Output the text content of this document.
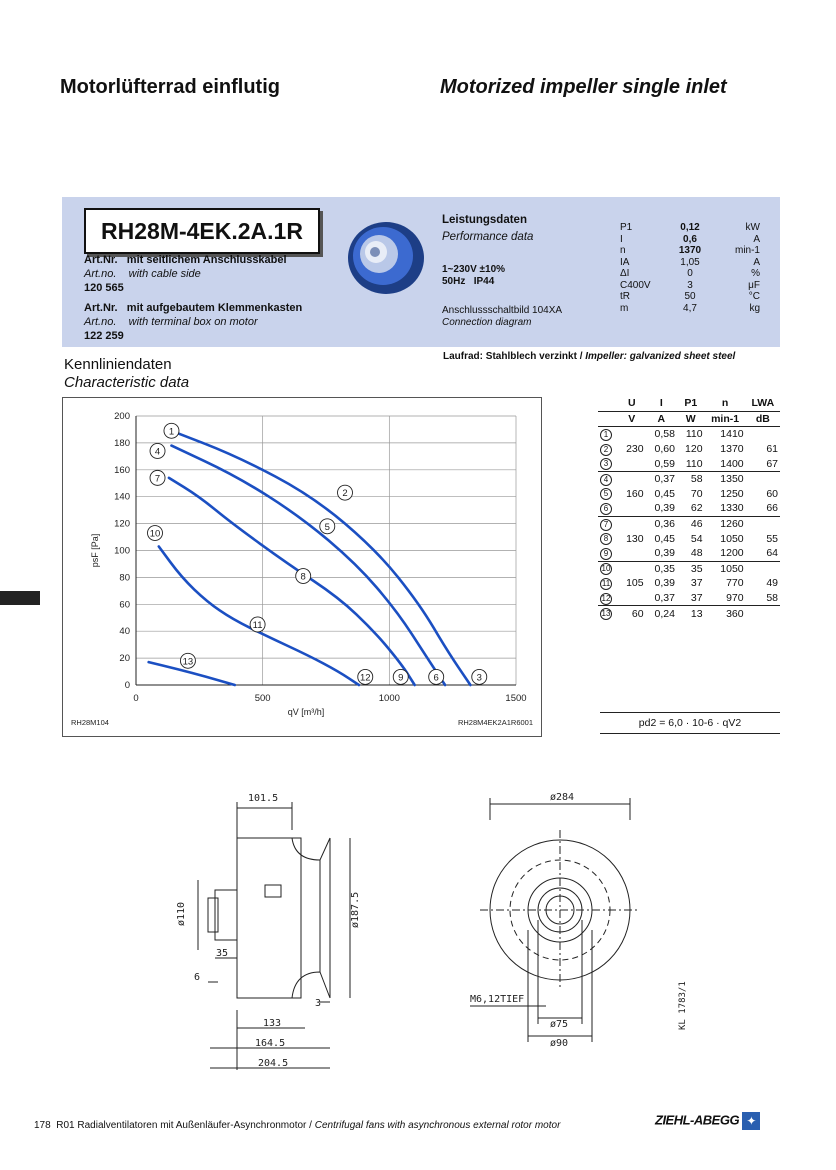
Motorlüfterrad einflutig	Motorized impeller single inlet
RH28M-4EK.2A.1R
Art.Nr. mit seitlichem Anschlusskabel
Art.no. with cable side
120 565
Art.Nr. mit aufgebautem Klemmenkasten
Art.no. with terminal box on motor
122 259
Leistungsdaten
Performance data
1~230V ±10%
50Hz IP44
Anschlussschaltbild 104XA
Connection diagram
P1	0,12	kW
I	0,6	A
n	1370	min-1
IA	1,05	A
ΔI	0	%
C400V	3	μF
tR	50	°C
m	4,7	kg
Kennliniendaten
Characteristic data
Laufrad: Stahlblech verzinkt / Impeller: galvanized sheet steel
0
20
40
60
80
100
120
140
160
180
200
0	500	1000	1500
qV [m³/h]
psF [Pa]
RH28M104	RH28M4EK2A1R6001
1
4
7
10
2
5
8
11
13
12	9	6	3
	U	I	P1	n	LWA
	V	A	W	min-1	dB
1		0,58	110	1410	
2	230	0,60	120	1370	61
3		0,59	110	1400	67
4		0,37	58	1350	
5	160	0,45	70	1250	60
6		0,39	62	1330	66
7		0,36	46	1260	
8	130	0,45	54	1050	55
9		0,39	48	1200	64
10		0,35	35	1050	
11	105	0,39	37	770	49
12		0,37	37	970	58
13	60	0,24	13	360	
pd2 = 6,0 · 10-6 · qV2
101.5
ø110	ø187.5
35
6
3
133
164.5
204.5
ø284
M6,12TIEF
ø75
ø90
KL 1783/1
178 R01 Radialventilatoren mit Außenläufer-Asynchronmotor / Centrifugal fans with asynchronous external rotor motor	ZIEHL-ABEGG ✦
